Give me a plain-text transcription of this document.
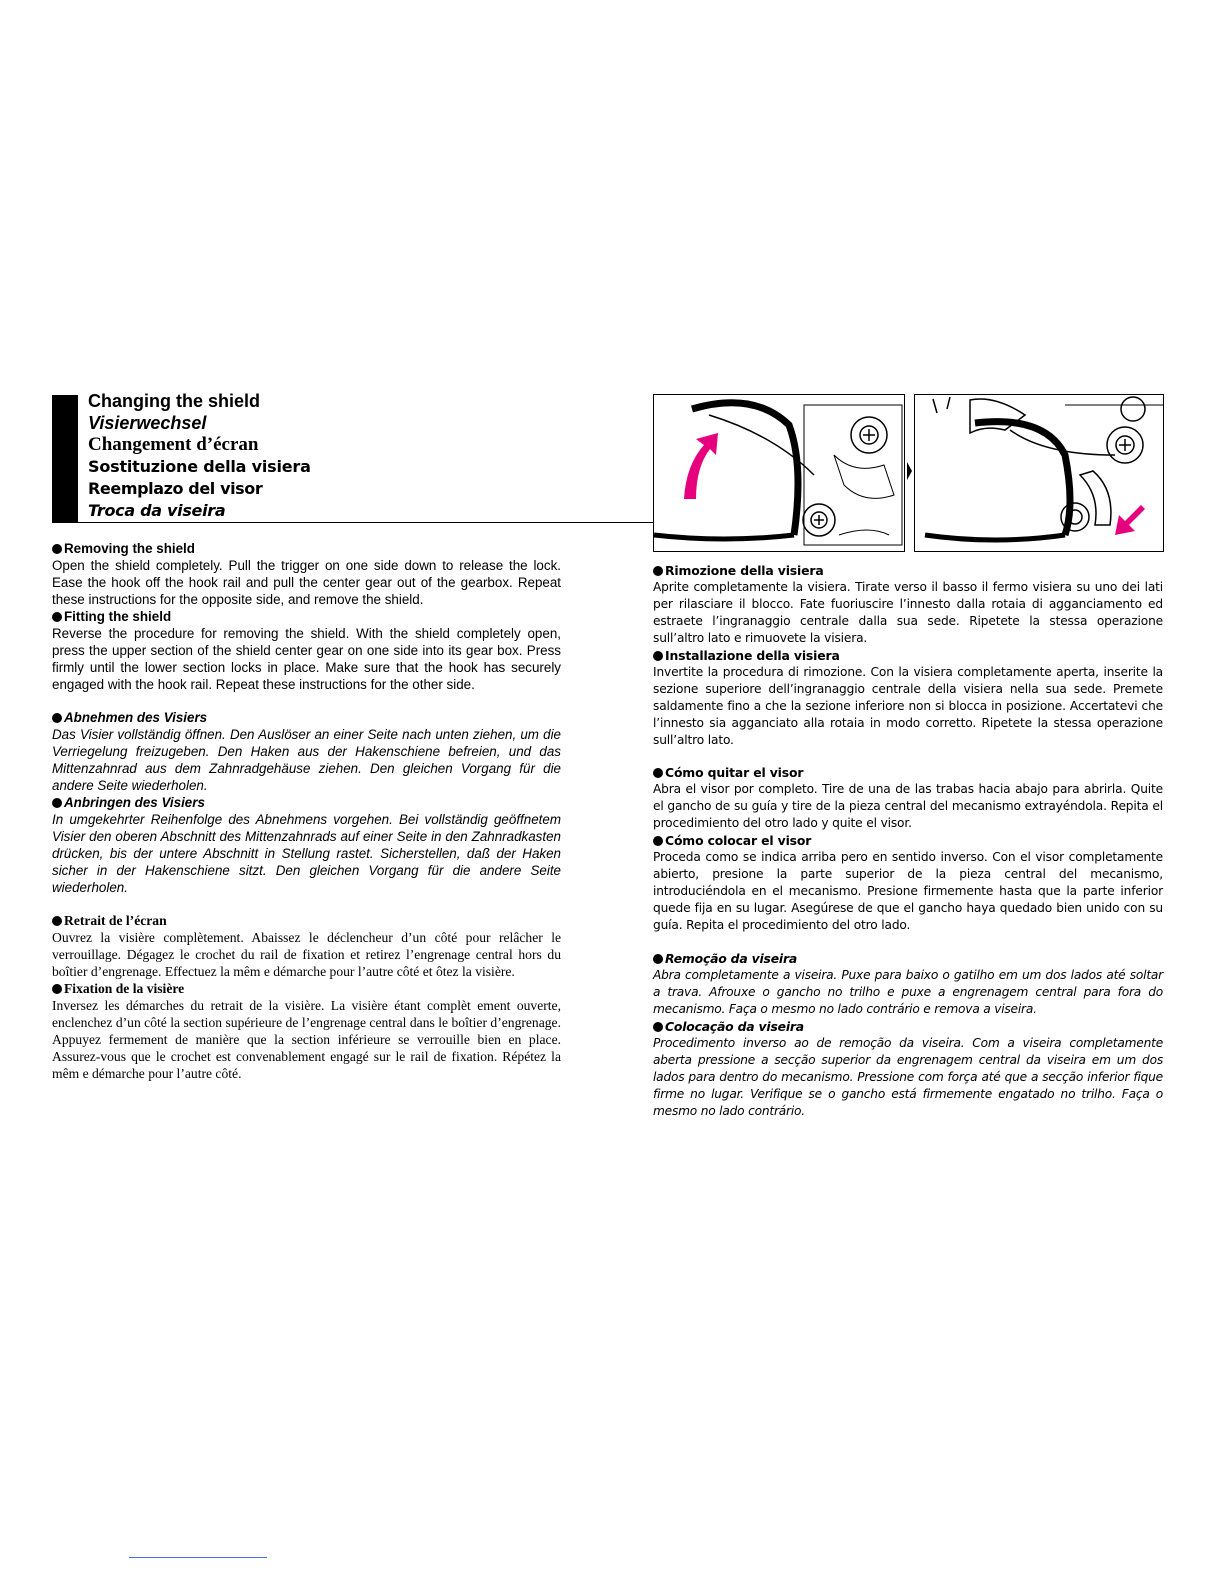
Changing the shield
Visierwechsel
Changement d’écran
Sostituzione della visiera
Reemplazo del visor
Troca da viseira
Removing the shield
Open the shield completely. Pull the trigger on one side down to release the lock. Ease the hook off the hook rail and pull the center gear out of the gearbox. Repeat these instructions for the opposite side, and remove the shield.
Fitting the shield
Reverse the procedure for removing the shield. With the shield completely open, press the upper section of the shield center gear on one side into its gear box. Press firmly until the lower section locks in place. Make sure that the hook has securely engaged with the hook rail. Repeat these instructions for the other side.
Abnehmen des Visiers
Das Visier vollständig öffnen. Den Auslöser an einer Seite nach unten ziehen, um die Verriegelung freizugeben. Den Haken aus der Hakenschiene befreien, und das Mittenzahnrad aus dem Zahnradgehäuse ziehen. Den gleichen Vorgang für die andere Seite wiederholen.
Anbringen des Visiers
In umgekehrter Reihenfolge des Abnehmens vorgehen. Bei vollständig geöffnetem Visier den oberen Abschnitt des Mittenzahnrads auf einer Seite in den Zahnradkasten drücken, bis der untere Abschnitt in Stellung rastet. Sicherstellen, daß der Haken sicher in der Hakenschiene sitzt. Den gleichen Vorgang für die andere Seite wiederholen.
Retrait de l’écran
Ouvrez la visière complètement. Abaissez le déclencheur d’un côté pour relâcher le verrouillage. Dégagez le crochet du rail de fixation et retirez l’engrenage central hors du boîtier d’engrenage. Effectuez la mêm e démarche pour l’autre côté et ôtez la visière.
Fixation de la visière
Inversez les démarches du retrait de la visière. La visière étant complèt ement ouverte, enclenchez d’un côté la section supérieure de l’engrenage central dans le boîtier d’engrenage. Appuyez fermement de manière que la section inférieure se verrouille bien en place. Assurez-vous que le crochet est convenablement engagé sur le rail de fixation. Répétez la mêm e démarche pour l’autre côté.
Rimozione della visiera
Aprite completamente la visiera. Tirate verso il basso il fermo visiera su uno dei lati per rilasciare il blocco. Fate fuoriuscire l’innesto dalla rotaia di agganciamento ed estraete l’ingranaggio centrale dalla sua sede. Ripetete la stessa operazione sull’altro lato e rimuovete la visiera.
Installazione della visiera
Invertite la procedura di rimozione. Con la visiera completamente aperta, inserite la sezione superiore dell’ingranaggio centrale della visiera nella sua sede. Premete saldamente fino a che la sezione inferiore non si blocca in posizione. Accertatevi che l’innesto sia agganciato alla rotaia in modo corretto. Ripetete la stessa operazione sull’altro lato.
Cómo quitar el visor
Abra el visor por completo. Tire de una de las trabas hacia abajo para abrirla. Quite el gancho de su guía y tire de la pieza central del mecanismo extrayéndola. Repita el procedimiento del otro lado y quite el visor.
Cómo colocar el visor
Proceda como se indica arriba pero en sentido inverso. Con el visor completamente abierto, presione la parte superior de la pieza central del mecanismo, introduciéndola en el mecanismo. Presione firmemente hasta que la parte inferior quede fija en su lugar. Asegúrese de que el gancho haya quedado bien unido con su guía. Repita el procedimiento del otro lado.
Remoção da viseira
Abra completamente a viseira. Puxe para baixo o gatilho em um dos lados até soltar a trava. Afrouxe o gancho no trilho e puxe a engrenagem central para fora do mecanismo. Faça o mesmo no lado contrário e remova a viseira.
Colocação da viseira
Procedimento inverso ao de remoção da viseira. Com a viseira completamente aberta pressione a secção superior da engrenagem central da viseira em um dos lados para dentro do mecanismo. Pressione com força até que a secção inferior fique firme no lugar. Verifique se o gancho está firmemente engatado no trilho. Faça o mesmo no lado contrário.
